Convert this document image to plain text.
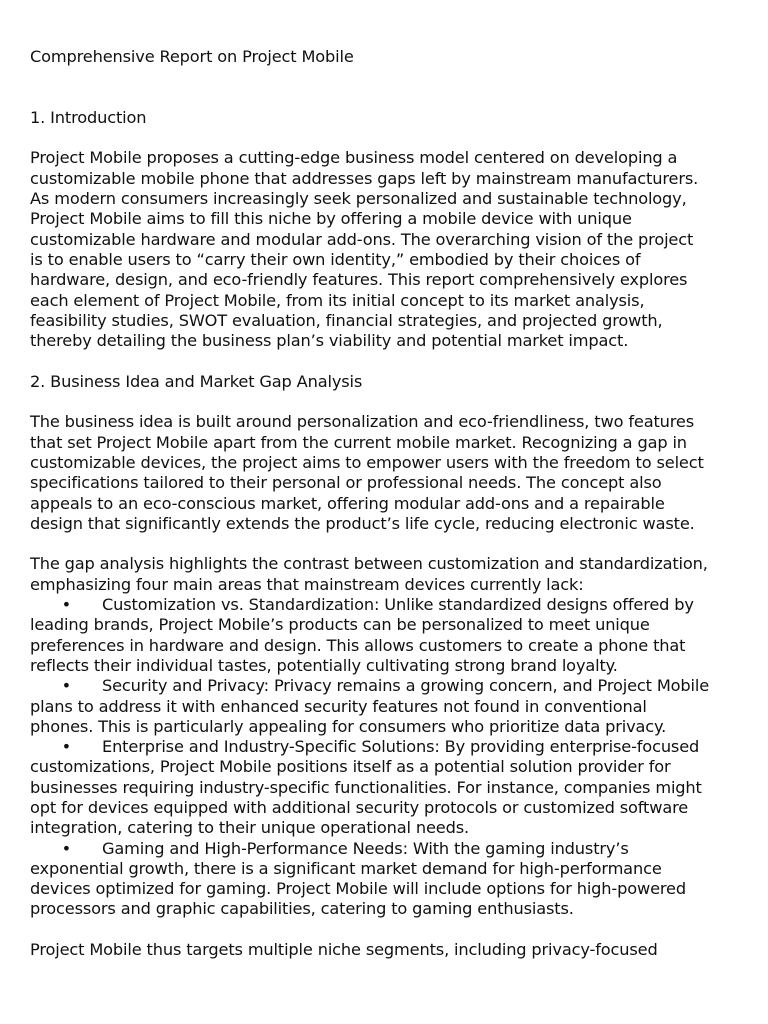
Comprehensive Report on Project Mobile
1. Introduction
Project Mobile proposes a cutting-edge business model centered on developing a
customizable mobile phone that addresses gaps left by mainstream manufacturers.
As modern consumers increasingly seek personalized and sustainable technology,
Project Mobile aims to fill this niche by offering a mobile device with unique
customizable hardware and modular add-ons. The overarching vision of the project
is to enable users to “carry their own identity,” embodied by their choices of
hardware, design, and eco-friendly features. This report comprehensively explores
each element of Project Mobile, from its initial concept to its market analysis,
feasibility studies, SWOT evaluation, financial strategies, and projected growth,
thereby detailing the business plan’s viability and potential market impact.
2. Business Idea and Market Gap Analysis
The business idea is built around personalization and eco-friendliness, two features
that set Project Mobile apart from the current mobile market. Recognizing a gap in
customizable devices, the project aims to empower users with the freedom to select
specifications tailored to their personal or professional needs. The concept also
appeals to an eco-conscious market, offering modular add-ons and a repairable
design that significantly extends the product’s life cycle, reducing electronic waste.
The gap analysis highlights the contrast between customization and standardization,
emphasizing four main areas that mainstream devices currently lack:
•	Customization vs. Standardization: Unlike standardized designs offered by
leading brands, Project Mobile’s products can be personalized to meet unique
preferences in hardware and design. This allows customers to create a phone that
reflects their individual tastes, potentially cultivating strong brand loyalty.
•	Security and Privacy: Privacy remains a growing concern, and Project Mobile
plans to address it with enhanced security features not found in conventional
phones. This is particularly appealing for consumers who prioritize data privacy.
•	Enterprise and Industry-Specific Solutions: By providing enterprise-focused
customizations, Project Mobile positions itself as a potential solution provider for
businesses requiring industry-specific functionalities. For instance, companies might
opt for devices equipped with additional security protocols or customized software
integration, catering to their unique operational needs.
•	Gaming and High-Performance Needs: With the gaming industry’s
exponential growth, there is a significant market demand for high-performance
devices optimized for gaming. Project Mobile will include options for high-powered
processors and graphic capabilities, catering to gaming enthusiasts.
Project Mobile thus targets multiple niche segments, including privacy-focused
